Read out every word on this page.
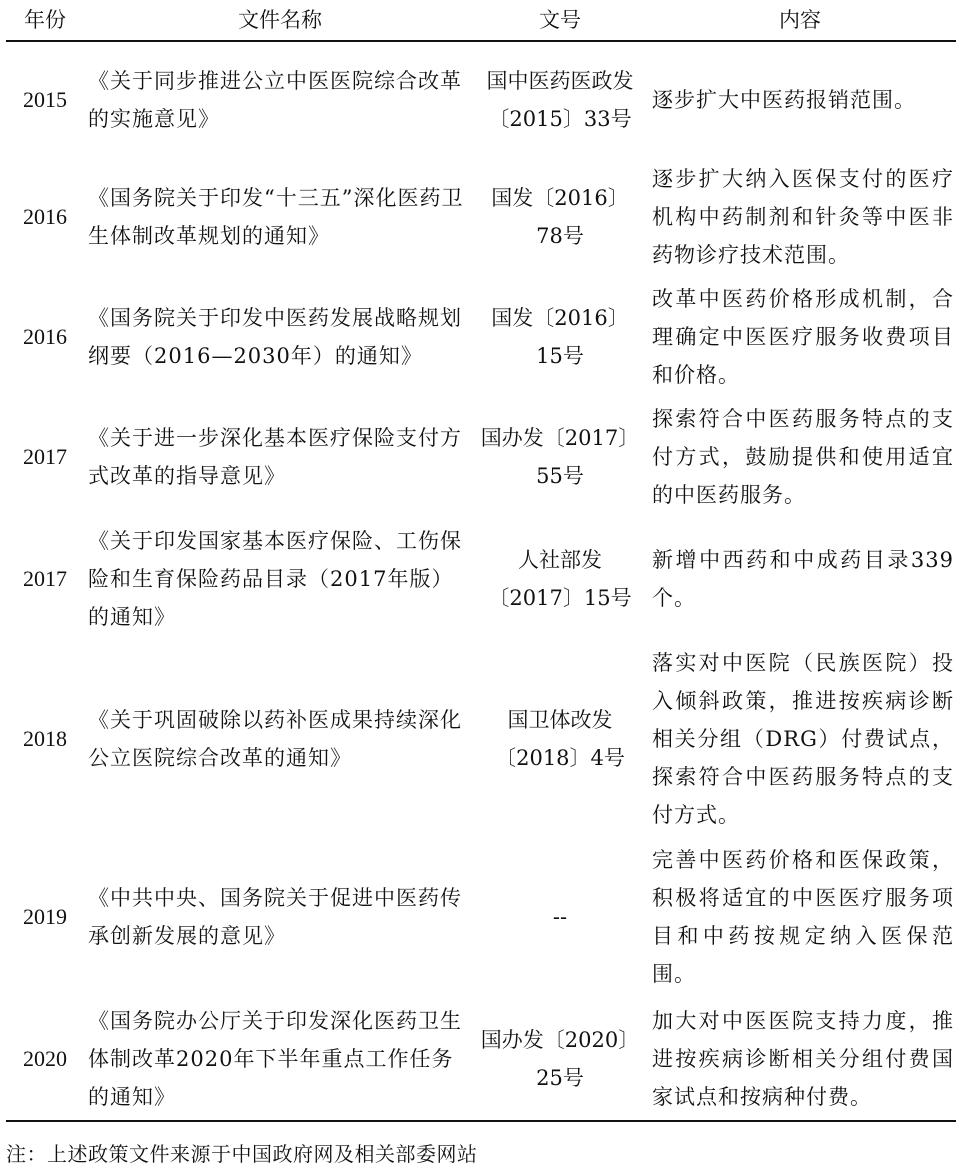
年份	文件名称	文号	内容
2015	《关于同步推进公立中医医院综合改革的实施意见》	国中医药医政发〔2015〕33号	逐步扩大中医药报销范围。
2016	《国务院关于印发“十三五”深化医药卫生体制改革规划的通知》	国发〔2016〕78号	逐步扩大纳入医保支付的医疗机构中药制剂和针灸等中医非药物诊疗技术范围。
2016	《国务院关于印发中医药发展战略规划纲要（2016—2030年）的通知》	国发〔2016〕15号	改革中医药价格形成机制，合理确定中医医疗服务收费项目和价格。
2017	《关于进一步深化基本医疗保险支付方式改革的指导意见》	国办发〔2017〕55号	探索符合中医药服务特点的支付方式，鼓励提供和使用适宜的中医药服务。
2017	《关于印发国家基本医疗保险、工伤保险和生育保险药品目录（2017年版）的通知》	人社部发〔2017〕15号	新增中西药和中成药目录339个。
2018	《关于巩固破除以药补医成果持续深化公立医院综合改革的通知》	国卫体改发〔2018〕4号	落实对中医院（民族医院）投入倾斜政策，推进按疾病诊断相关分组（DRG）付费试点，探索符合中医药服务特点的支付方式。
2019	《中共中央、国务院关于促进中医药传承创新发展的意见》	--	完善中医药价格和医保政策，积极将适宜的中医医疗服务项目和中药按规定纳入医保范围。
2020	《国务院办公厅关于印发深化医药卫生体制改革2020年下半年重点工作任务的通知》	国办发〔2020〕25号	加大对中医医院支持力度，推进按疾病诊断相关分组付费国家试点和按病种付费。
注：上述政策文件来源于中国政府网及相关部委网站
